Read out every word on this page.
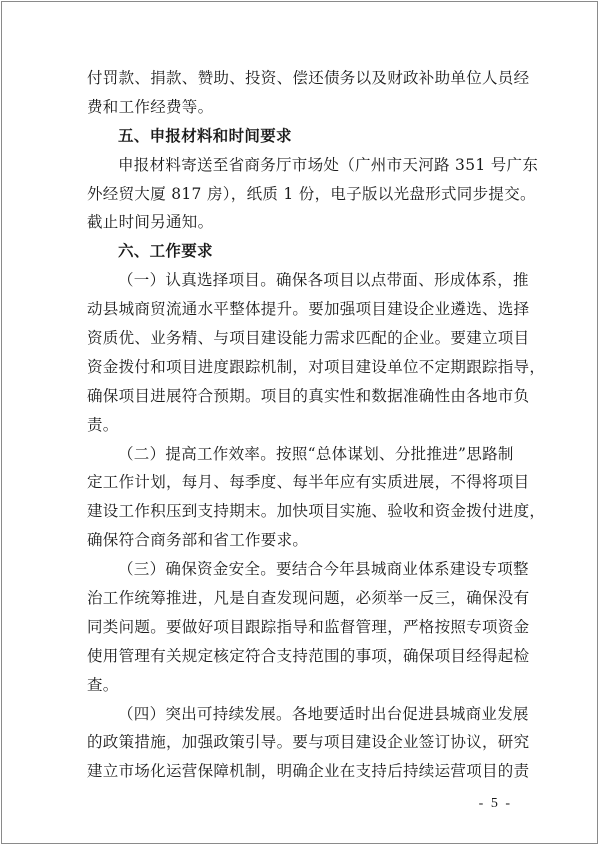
付罚款、捐款、赞助、投资、偿还债务以及财政补助单位人员经
费和工作经费等。
五、申报材料和时间要求
申报材料寄送至省商务厅市场处（广州市天河路 351 号广东
外经贸大厦 817 房），纸质 1 份，电子版以光盘形式同步提交。
截止时间另通知。
六、工作要求
（一）认真选择项目。确保各项目以点带面、形成体系，推
动县城商贸流通水平整体提升。要加强项目建设企业遴选、选择
资质优、业务精、与项目建设能力需求匹配的企业。要建立项目
资金拨付和项目进度跟踪机制，对项目建设单位不定期跟踪指导，
确保项目进展符合预期。项目的真实性和数据准确性由各地市负
责。
（二）提高工作效率。按照“总体谋划、分批推进”思路制
定工作计划，每月、每季度、每半年应有实质进展，不得将项目
建设工作积压到支持期末。加快项目实施、验收和资金拨付进度，
确保符合商务部和省工作要求。
（三）确保资金安全。要结合今年县城商业体系建设专项整
治工作统筹推进，凡是自查发现问题，必须举一反三，确保没有
同类问题。要做好项目跟踪指导和监督管理，严格按照专项资金
使用管理有关规定核定符合支持范围的事项，确保项目经得起检
查。
（四）突出可持续发展。各地要适时出台促进县城商业发展
的政策措施，加强政策引导。要与项目建设企业签订协议，研究
建立市场化运营保障机制，明确企业在支持后持续运营项目的责
- 5 -
